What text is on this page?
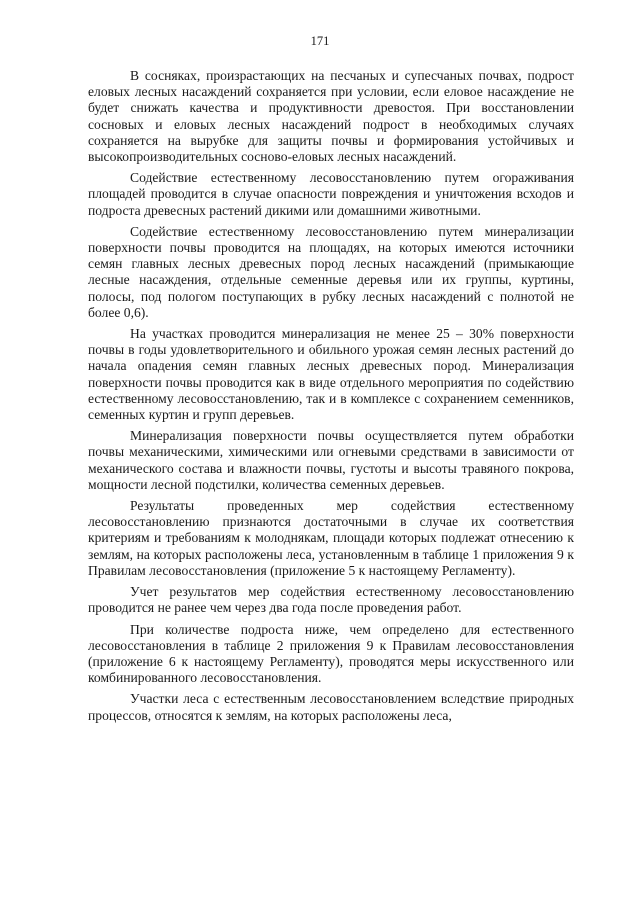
171

В сосняках, произрастающих на песчаных и супесчаных почвах, подрост еловых лесных насаждений сохраняется при условии, если еловое насаждение не будет снижать качества и продуктивности древостоя. При восстановлении сосновых и еловых лесных насаждений подрост в необходимых случаях сохраняется на вырубке для защиты почвы и формирования устойчивых и высокопроизводительных сосново-еловых лесных насаждений.

Содействие естественному лесовосстановлению путем огораживания площадей проводится в случае опасности повреждения и уничтожения всходов и подроста древесных растений дикими или домашними животными.

Содействие естественному лесовосстановлению путем минерализации поверхности почвы проводится на площадях, на которых имеются источники семян главных лесных древесных пород лесных насаждений (примыкающие лесные насаждения, отдельные семенные деревья или их группы, куртины, полосы, под пологом поступающих в рубку лесных насаждений с полнотой не более 0,6).

На участках проводится минерализация не менее 25 – 30% поверхности почвы в годы удовлетворительного и обильного урожая семян лесных растений до начала опадения семян главных лесных древесных пород. Минерализация поверхности почвы проводится как в виде отдельного мероприятия по содействию естественному лесовосстановлению, так и в комплексе с сохранением семенников, семенных куртин и групп деревьев.

Минерализация поверхности почвы осуществляется путем обработки почвы механическими, химическими или огневыми средствами в зависимости от механического состава и влажности почвы, густоты и высоты травяного покрова, мощности лесной подстилки, количества семенных деревьев.

Результаты проведенных мер содействия естественному лесовосстановлению признаются достаточными в случае их соответствия критериям и требованиям к молоднякам, площади которых подлежат отнесению к землям, на которых расположены леса, установленным в таблице 1 приложения 9 к Правилам лесовосстановления (приложение 5 к настоящему Регламенту).

Учет результатов мер содействия естественному лесовосстановлению проводится не ранее чем через два года после проведения работ.

При количестве подроста ниже, чем определено для естественного лесовосстановления в таблице 2 приложения 9 к Правилам лесовосстановления (приложение 6 к настоящему Регламенту), проводятся меры искусственного или комбинированного лесовосстановления.

Участки леса с естественным лесовосстановлением вследствие природных процессов, относятся к землям, на которых расположены леса,
